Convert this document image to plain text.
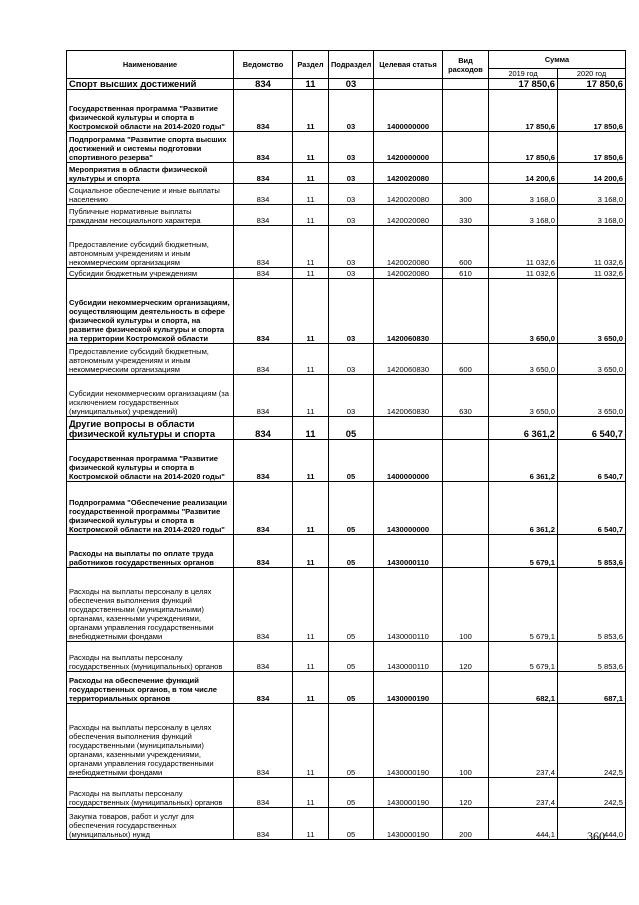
Наименование	Ведомство	Раздел	Подраздел	Целевая статья	Вид расходов	Сумма	
						2019 год	2020 год
Спорт высших достижений	834	11	03			17 850,6	17 850,6
Государственная программа "Развитие физической культуры и спорта в Костромской области на 2014-2020 годы"	834	11	03	1400000000		17 850,6	17 850,6
Подпрограмма "Развитие спорта высших достижений и системы подготовки спортивного резерва"	834	11	03	1420000000		17 850,6	17 850,6
Мероприятия в области физической культуры и спорта	834	11	03	1420020080		14 200,6	14 200,6
Социальное обеспечение и иные выплаты населению	834	11	03	1420020080	300	3 168,0	3 168,0
Публичные нормативные выплаты гражданам несоциального характера	834	11	03	1420020080	330	3 168,0	3 168,0
Предоставление субсидий бюджетным, автономным учреждениям и иным некоммерческим организациям	834	11	03	1420020080	600	11 032,6	11 032,6
Субсидии бюджетным учреждениям	834	11	03	1420020080	610	11 032,6	11 032,6
Субсидии некоммерческим организациям, осуществляющим деятельность в сфере физической культуры и спорта, на развитие физической культуры и спорта на территории Костромской области	834	11	03	1420060830		3 650,0	3 650,0
Предоставление субсидий бюджетным, автономным учреждениям и иным некоммерческим организациям	834	11	03	1420060830	600	3 650,0	3 650,0
Субсидии некоммерческим организациям (за исключением государственных (муниципальных) учреждений)	834	11	03	1420060830	630	3 650,0	3 650,0
Другие вопросы в области физической культуры и спорта	834	11	05			6 361,2	6 540,7
Государственная программа "Развитие физической культуры и спорта в Костромской области на 2014-2020 годы"	834	11	05	1400000000		6 361,2	6 540,7
Подпрограмма "Обеспечение реализации государственной программы "Развитие физической культуры и спорта в Костромской области на 2014-2020 годы"	834	11	05	1430000000		6 361,2	6 540,7
Расходы на выплаты по оплате труда работников государственных органов	834	11	05	1430000110		5 679,1	5 853,6
Расходы на выплаты персоналу в целях обеспечения выполнения функций государственными (муниципальными) органами, казенными учреждениями, органами управления государственными внебюджетными фондами	834	11	05	1430000110	100	5 679,1	5 853,6
Расходы на выплаты персоналу государственных (муниципальных) органов	834	11	05	1430000110	120	5 679,1	5 853,6
Расходы на обеспечение функций государственных органов, в том числе территориальных органов	834	11	05	1430000190		682,1	687,1
Расходы на выплаты персоналу в целях обеспечения выполнения функций государственными (муниципальными) органами, казенными учреждениями, органами управления государственными внебюджетными фондами	834	11	05	1430000190	100	237,4	242,5
Расходы на выплаты персоналу государственных (муниципальных) органов	834	11	05	1430000190	120	237,4	242,5
Закупка товаров, работ и услуг для обеспечения государственных (муниципальных) нужд	834	11	05	1430000190	200	444,1	444,0
360
